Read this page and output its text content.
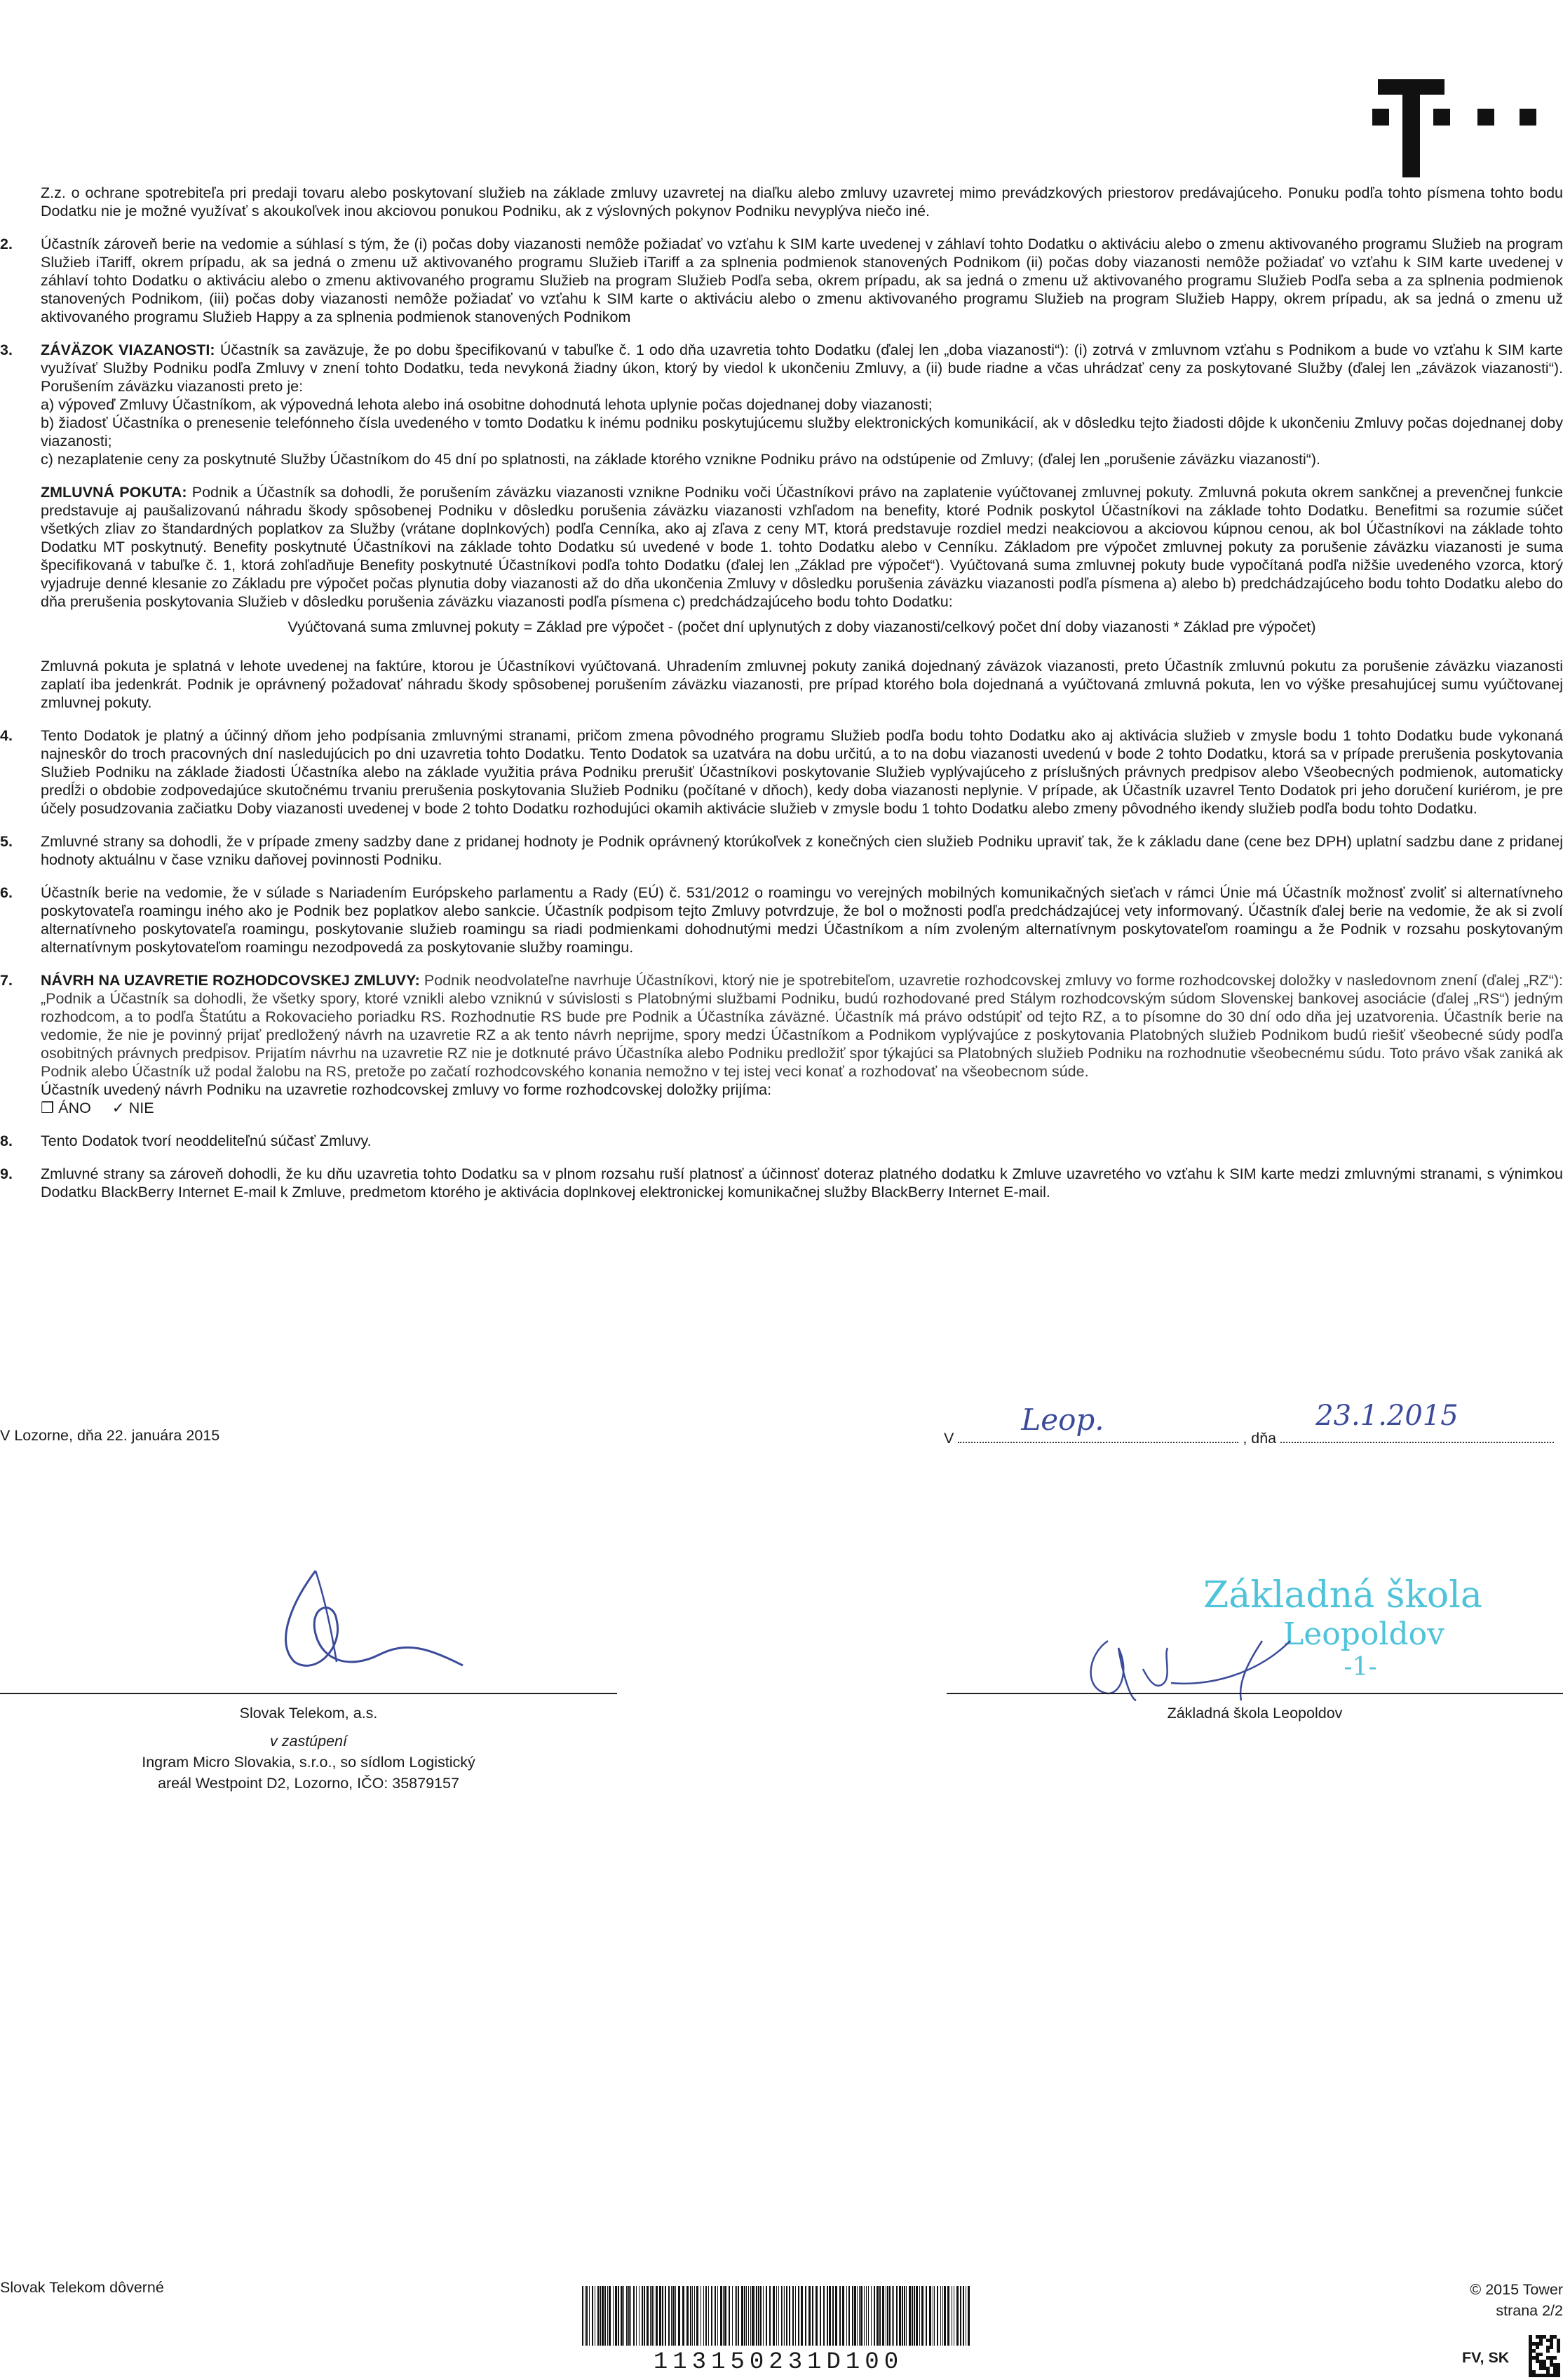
Z.z. o ochrane spotrebiteľa pri predaji tovaru alebo poskytovaní služieb na základe zmluvy uzavretej na diaľku alebo zmluvy uzavretej mimo prevádzkových priestorov predávajúceho. Ponuku podľa tohto písmena tohto bodu Dodatku nie je možné využívať s akoukoľvek inou akciovou ponukou Podniku, ak z výslovných pokynov Podniku nevyplýva niečo iné.
2. Účastník zároveň berie na vedomie a súhlasí s tým, že (i) počas doby viazanosti nemôže požiadať vo vzťahu k SIM karte uvedenej v záhlaví tohto Dodatku o aktiváciu alebo o zmenu aktivovaného programu Služieb na program Služieb iTariff, okrem prípadu, ak sa jedná o zmenu už aktivovaného programu Služieb iTariff a za splnenia podmienok stanovených Podnikom (ii) počas doby viazanosti nemôže požiadať vo vzťahu k SIM karte uvedenej v záhlaví tohto Dodatku o aktiváciu alebo o zmenu aktivovaného programu Služieb na program Služieb Podľa seba, okrem prípadu, ak sa jedná o zmenu už aktivovaného programu Služieb Podľa seba a za splnenia podmienok stanovených Podnikom, (iii) počas doby viazanosti nemôže požiadať vo vzťahu k SIM karte o aktiváciu alebo o zmenu aktivovaného programu Služieb na program Služieb Happy, okrem prípadu, ak sa jedná o zmenu už aktivovaného programu Služieb Happy a za splnenia podmienok stanovených Podnikom
3. ZÁVÄZOK VIAZANOSTI: Účastník sa zaväzuje, že po dobu špecifikovanú v tabuľke č. 1 odo dňa uzavretia tohto Dodatku (ďalej len „doba viazanosti“): (i) zotrvá v zmluvnom vzťahu s Podnikom a bude vo vzťahu k SIM karte využívať Služby Podniku podľa Zmluvy v znení tohto Dodatku, teda nevykoná žiadny úkon, ktorý by viedol k ukončeniu Zmluvy, a (ii) bude riadne a včas uhrádzať ceny za poskytované Služby (ďalej len „záväzok viazanosti“). Porušením záväzku viazanosti preto je:
a) výpoveď Zmluvy Účastníkom, ak výpovedná lehota alebo iná osobitne dohodnutá lehota uplynie počas dojednanej doby viazanosti;
b) žiadosť Účastníka o prenesenie telefónneho čísla uvedeného v tomto Dodatku k inému podniku poskytujúcemu služby elektronických komunikácií, ak v dôsledku tejto žiadosti dôjde k ukončeniu Zmluvy počas dojednanej doby viazanosti;
c) nezaplatenie ceny za poskytnuté Služby Účastníkom do 45 dní po splatnosti, na základe ktorého vznikne Podniku právo na odstúpenie od Zmluvy; (ďalej len „porušenie záväzku viazanosti“).
ZMLUVNÁ POKUTA: Podnik a Účastník sa dohodli, že porušením záväzku viazanosti vznikne Podniku voči Účastníkovi právo na zaplatenie vyúčtovanej zmluvnej pokuty. Zmluvná pokuta okrem sankčnej a prevenčnej funkcie predstavuje aj paušalizovanú náhradu škody spôsobenej Podniku v dôsledku porušenia záväzku viazanosti vzhľadom na benefity, ktoré Podnik poskytol Účastníkovi na základe tohto Dodatku. Benefitmi sa rozumie súčet všetkých zliav zo štandardných poplatkov za Služby (vrátane doplnkových) podľa Cenníka, ako aj zľava z ceny MT, ktorá predstavuje rozdiel medzi neakciovou a akciovou kúpnou cenou, ak bol Účastníkovi na základe tohto Dodatku MT poskytnutý. Benefity poskytnuté Účastníkovi na základe tohto Dodatku sú uvedené v bode 1. tohto Dodatku alebo v Cenníku. Základom pre výpočet zmluvnej pokuty za porušenie záväzku viazanosti je suma špecifikovaná v tabuľke č. 1, ktorá zohľadňuje Benefity poskytnuté Účastníkovi podľa tohto Dodatku (ďalej len „Základ pre výpočet“). Vyúčtovaná suma zmluvnej pokuty bude vypočítaná podľa nižšie uvedeného vzorca, ktorý vyjadruje denné klesanie zo Základu pre výpočet počas plynutia doby viazanosti až do dňa ukončenia Zmluvy v dôsledku porušenia záväzku viazanosti podľa písmena a) alebo b) predchádzajúceho bodu tohto Dodatku alebo do dňa prerušenia poskytovania Služieb v dôsledku porušenia záväzku viazanosti podľa písmena c) predchádzajúceho bodu tohto Dodatku:
Vyúčtovaná suma zmluvnej pokuty = Základ pre výpočet - (počet dní uplynutých z doby viazanosti/celkový počet dní doby viazanosti * Základ pre výpočet)
Zmluvná pokuta je splatná v lehote uvedenej na faktúre, ktorou je Účastníkovi vyúčtovaná. Uhradením zmluvnej pokuty zaniká dojednaný záväzok viazanosti, preto Účastník zmluvnú pokutu za porušenie záväzku viazanosti zaplatí iba jedenkrát. Podnik je oprávnený požadovať náhradu škody spôsobenej porušením záväzku viazanosti, pre prípad ktorého bola dojednaná a vyúčtovaná zmluvná pokuta, len vo výške presahujúcej sumu vyúčtovanej zmluvnej pokuty.
4. Tento Dodatok je platný a účinný dňom jeho podpísania zmluvnými stranami, pričom zmena pôvodného programu Služieb podľa bodu tohto Dodatku ako aj aktivácia služieb v zmysle bodu 1 tohto Dodatku bude vykonaná najneskôr do troch pracovných dní nasledujúcich po dni uzavretia tohto Dodatku. Tento Dodatok sa uzatvára na dobu určitú, a to na dobu viazanosti uvedenú v bode 2 tohto Dodatku, ktorá sa v prípade prerušenia poskytovania Služieb Podniku na základe žiadosti Účastníka alebo na základe využitia práva Podniku prerušiť Účastníkovi poskytovanie Služieb vyplývajúceho z príslušných právnych predpisov alebo Všeobecných podmienok, automaticky predĺži o obdobie zodpovedajúce skutočnému trvaniu prerušenia poskytovania Služieb Podniku (počítané v dňoch), kedy doba viazanosti neplynie. V prípade, ak Účastník uzavrel Tento Dodatok pri jeho doručení kuriérom, je pre účely posudzovania začiatku Doby viazanosti uvedenej v bode 2 tohto Dodatku rozhodujúci okamih aktivácie služieb v zmysle bodu 1 tohto Dodatku alebo zmeny pôvodného ikendy služieb podľa bodu tohto Dodatku.
5. Zmluvné strany sa dohodli, že v prípade zmeny sadzby dane z pridanej hodnoty je Podnik oprávnený ktorúkoľvek z konečných cien služieb Podniku upraviť tak, že k základu dane (cene bez DPH) uplatní sadzbu dane z pridanej hodnoty aktuálnu v čase vzniku daňovej povinnosti Podniku.
6. Účastník berie na vedomie, že v súlade s Nariadením Európskeho parlamentu a Rady (EÚ) č. 531/2012 o roamingu vo verejných mobilných komunikačných sieťach v rámci Únie má Účastník možnosť zvoliť si alternatívneho poskytovateľa roamingu iného ako je Podnik bez poplatkov alebo sankcie. Účastník podpisom tejto Zmluvy potvrdzuje, že bol o možnosti podľa predchádzajúcej vety informovaný. Účastník ďalej berie na vedomie, že ak si zvolí alternatívneho poskytovateľa roamingu, poskytovanie služieb roamingu sa riadi podmienkami dohodnutými medzi Účastníkom a ním zvoleným alternatívnym poskytovateľom roamingu a že Podnik v rozsahu poskytovaným alternatívnym poskytovateľom roamingu nezodpovedá za poskytovanie služby roamingu.
7. NÁVRH NA UZAVRETIE ROZHODCOVSKEJ ZMLUVY: Podnik neodvolateľne navrhuje Účastníkovi, ktorý nie je spotrebiteľom, uzavretie rozhodcovskej zmluvy vo forme rozhodcovskej doložky v nasledovnom znení (ďalej „RZ“): „Podnik a Účastník sa dohodli, že všetky spory, ktoré vznikli alebo vzniknú v súvislosti s Platobnými službami Podniku, budú rozhodované pred Stálym rozhodcovským súdom Slovenskej bankovej asociácie (ďalej „RS“) jedným rozhodcom, a to podľa Štatútu a Rokovacieho poriadku RS. Rozhodnutie RS bude pre Podnik a Účastníka záväzné. Účastník má právo odstúpiť od tejto RZ, a to písomne do 30 dní odo dňa jej uzatvorenia. Účastník berie na vedomie, že nie je povinný prijať predložený návrh na uzavretie RZ a ak tento návrh neprijme, spory medzi Účastníkom a Podnikom vyplývajúce z poskytovania Platobných služieb Podnikom budú riešiť všeobecné súdy podľa osobitných právnych predpisov. Prijatím návrhu na uzavretie RZ nie je dotknuté právo Účastníka alebo Podniku predložiť spor týkajúci sa Platobných služieb Podniku na rozhodnutie všeobecnému súdu. Toto právo však zaniká ak Podnik alebo Účastník už podal žalobu na RS, pretože po začatí rozhodcovského konania nemožno v tej istej veci konať a rozhodovať na všeobecnom súde.
Účastník uvedený návrh Podniku na uzavretie rozhodcovskej zmluvy vo forme rozhodcovskej doložky prijíma:
❒ ÁNO ✓ NIE
8. Tento Dodatok tvorí neoddeliteľnú súčasť Zmluvy.
9. Zmluvné strany sa zároveň dohodli, že ku dňu uzavretia tohto Dodatku sa v plnom rozsahu ruší platnosť a účinnosť doteraz platného dodatku k Zmluve uzavretého vo vzťahu k SIM karte medzi zmluvnými stranami, s výnimkou Dodatku BlackBerry Internet E-mail k Zmluve, predmetom ktorého je aktivácia doplnkovej elektronickej komunikačnej služby BlackBerry Internet E-mail.
V Lozorne, dňa 22. januára 2015	V
Leop.
, dňa
23.1.2015
Základná škola
Leopoldov
-1-
Slovak Telekom, a.s.
v zastúpení
Ingram Micro Slovakia, s.r.o., so sídlom Logistický
areál Westpoint D2, Lozorno, IČO: 35879157
Základná škola Leopoldov
Slovak Telekom dôverné
113150231D100
© 2015 Tower
strana 2/2
FV, SK
